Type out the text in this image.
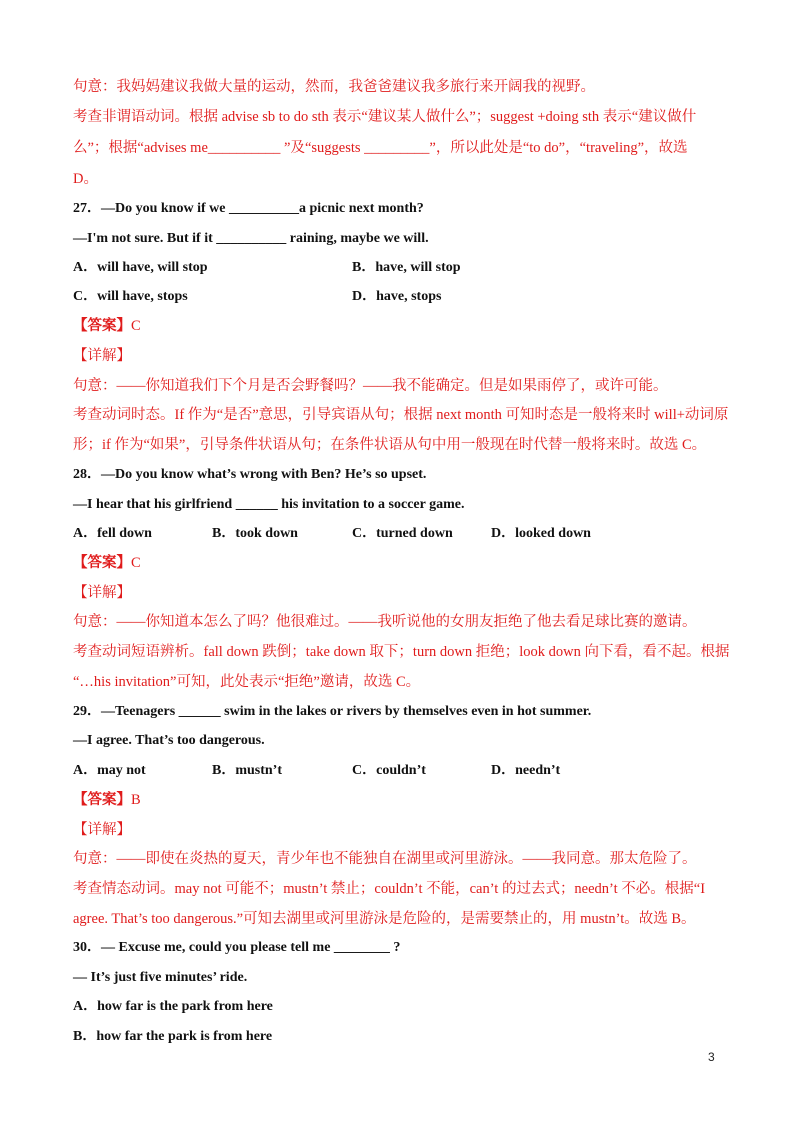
句意：我妈妈建议我做大量的运动，然而，我爸爸建议我多旅行来开阔我的视野。
考查非谓语动词。根据 advise sb to do sth 表示“建议某人做什么”；suggest +doing sth 表示“建议做什
么”；根据“advises me__________ ”及“suggests _________”，所以此处是“to do”，“traveling”，故选
D。
27．—Do you know if we __________a picnic next month?
—I'm not sure. But if it __________ raining, maybe we will.
A．will have, will stop	B．have, will stop
C．will have, stops	D．have, stops
【答案】C
【详解】
句意：——你知道我们下个月是否会野餐吗？——我不能确定。但是如果雨停了，或许可能。
考查动词时态。If 作为“是否”意思，引导宾语从句；根据 next month 可知时态是一般将来时 will+动词原
形；if 作为“如果”，引导条件状语从句；在条件状语从句中用一般现在时代替一般将来时。故选 C。
28．—Do you know what’s wrong with Ben? He’s so upset.
—I hear that his girlfriend ______ his invitation to a soccer game.
A．fell down	B．took down	C．turned down	D．looked down
【答案】C
【详解】
句意：——你知道本怎么了吗？他很难过。——我听说他的女朋友拒绝了他去看足球比赛的邀请。
考查动词短语辨析。fall down 跌倒；take down 取下；turn down 拒绝；look down 向下看，看不起。根据
“…his invitation”可知，此处表示“拒绝”邀请，故选 C。
29．—Teenagers ______ swim in the lakes or rivers by themselves even in hot summer.
—I agree. That’s too dangerous.
A．may not	B．mustn’t	C．couldn’t	D．needn’t
【答案】B
【详解】
句意：——即使在炎热的夏天，青少年也不能独自在湖里或河里游泳。——我同意。那太危险了。
考查情态动词。may not 可能不；mustn’t 禁止；couldn’t 不能，can’t 的过去式；needn’t 不必。根据“I
agree. That’s too dangerous.”可知去湖里或河里游泳是危险的，是需要禁止的，用 mustn’t。故选 B。
30．— Excuse me, could you please tell me ________ ?
— It’s just five minutes’ ride.
A．how far is the park from here
B．how far the park is from here
3
